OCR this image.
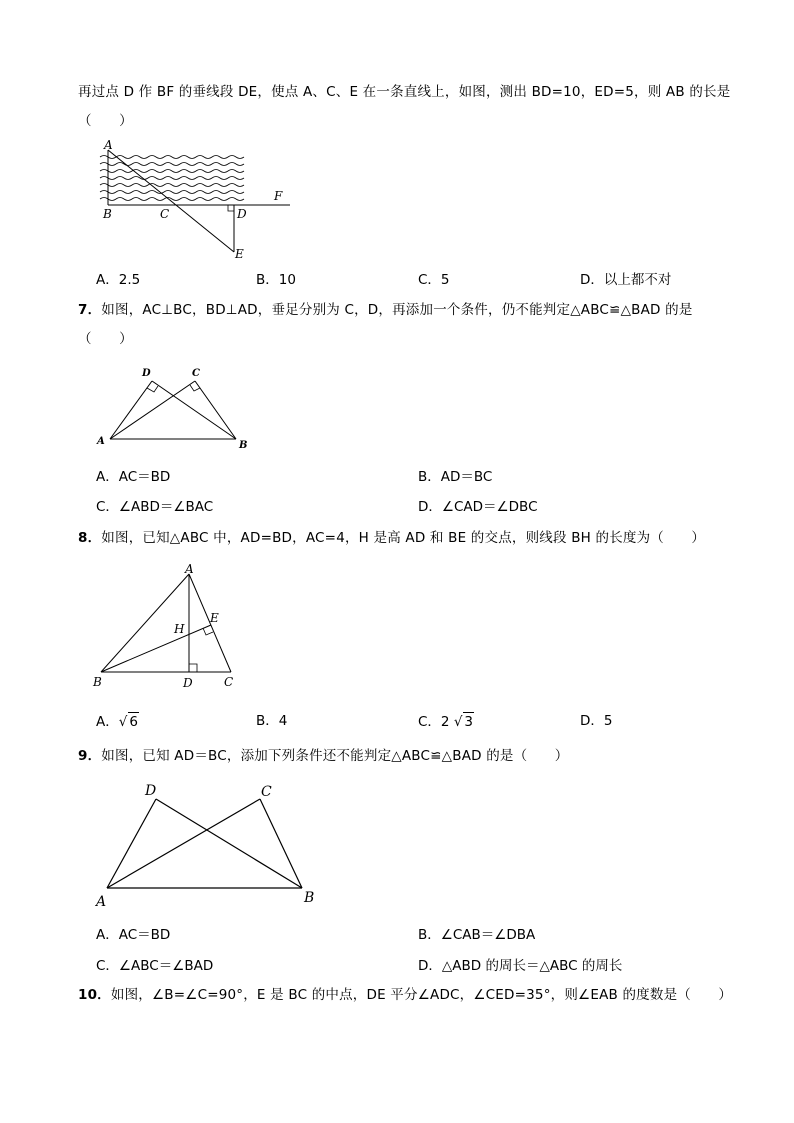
再过点 D 作 BF 的垂线段 DE，使点 A、C、E 在一条直线上，如图，测出 BD=10，ED=5，则 AB 的长是
（　　）
A
B	C	D
E
F
A．2.5	B．10	C．5	D．以上都不对
7．如图，AC⊥BC，BD⊥AD，垂足分别为 C，D，再添加一个条件，仍不能判定△ABC≌△BAD 的是
（　　）
A	B
C
D
A．AC＝BD	B．AD＝BC
C．∠ABD＝∠BAC	D．∠CAD＝∠DBC
8．如图，已知△ABC 中，AD=BD，AC=4，H 是高 AD 和 BE 的交点，则线段 BH 的长度为（　　）
A
B	C
D
E
H
A．√ 6	B．4	C．2 √ 3	D．5
9．如图，已知 AD＝BC，添加下列条件还不能判定△ABC≌△BAD 的是（　　）
A	B
C
D
A．AC＝BD	B．∠CAB＝∠DBA
C．∠ABC＝∠BAD	D．△ABD 的周长＝△ABC 的周长
10．如图，∠B=∠C=90°，E 是 BC 的中点，DE 平分∠ADC，∠CED=35°，则∠EAB 的度数是（　　）
